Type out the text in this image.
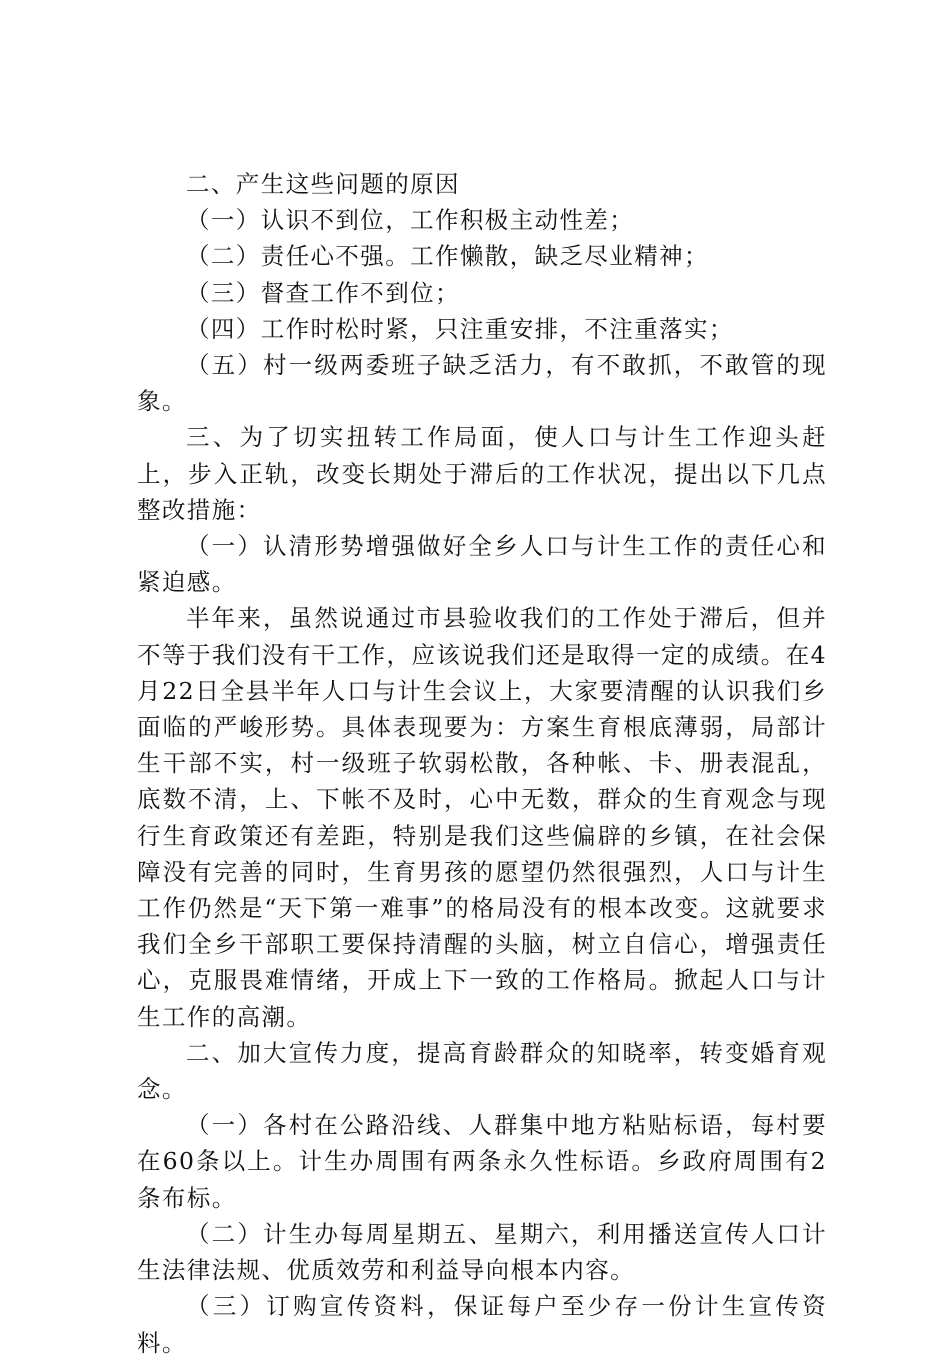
二、产生这些问题的原因

（一）认识不到位，工作积极主动性差；

（二）责任心不强。工作懒散，缺乏尽业精神；

（三）督查工作不到位；

（四）工作时松时紧，只注重安排，不注重落实；

（五）村一级两委班子缺乏活力，有不敢抓，不敢管的现象。

三、为了切实扭转工作局面，使人口与计生工作迎头赶上，步入正轨，改变长期处于滞后的工作状况，提出以下几点整改措施：

（一）认清形势增强做好全乡人口与计生工作的责任心和紧迫感。

半年来，虽然说通过市县验收我们的工作处于滞后，但并不等于我们没有干工作，应该说我们还是取得一定的成绩。在4月22日全县半年人口与计生会议上，大家要清醒的认识我们乡面临的严峻形势。具体表现要为：方案生育根底薄弱，局部计生干部不实，村一级班子软弱松散，各种帐、卡、册表混乱，底数不清，上、下帐不及时，心中无数，群众的生育观念与现行生育政策还有差距，特别是我们这些偏辟的乡镇，在社会保障没有完善的同时，生育男孩的愿望仍然很强烈，人口与计生工作仍然是“天下第一难事”的格局没有的根本改变。这就要求我们全乡干部职工要保持清醒的头脑，树立自信心，增强责任心，克服畏难情绪，开成上下一致的工作格局。掀起人口与计生工作的高潮。

二、加大宣传力度，提高育龄群众的知晓率，转变婚育观念。

（一）各村在公路沿线、人群集中地方粘贴标语，每村要在60条以上。计生办周围有两条永久性标语。乡政府周围有2条布标。

（二）计生办每周星期五、星期六，利用播送宣传人口计生法律法规、优质效劳和利益导向根本内容。

（三）订购宣传资料，保证每户至少存一份计生宣传资料。
